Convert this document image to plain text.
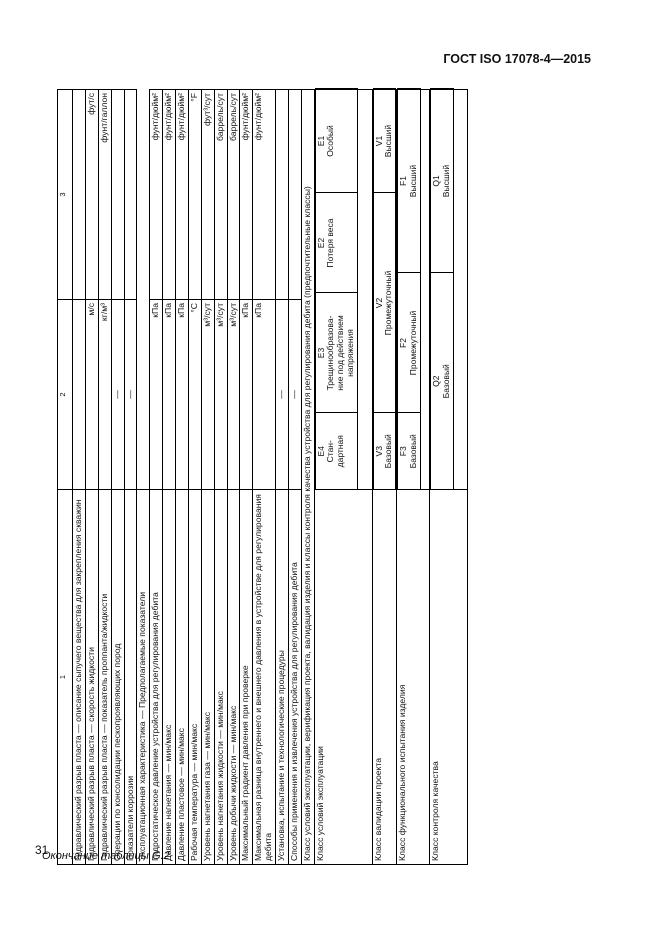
ГОСТ ISO 17078-4—2015
1	2	3
Гидравлический разрыв пласта — описание сыпучего вещества для закрепления скважин		
Гидравлический разрыв пласта — скорость жидкости	м/с	фут/с
Гидравлический разрыв пласта — показатель проппанта/жидкости	кг/м³	фунт/галлон
Операции по консолидации пескопроявляющих пород	—	
Показатели коррозии	—	
Эксплуатационная характеристика — Предполагаемые показатели		
Гидростатическое давление устройства для регулирования дебита	кПа	фунт/дюйм²
Давление нагнетания — мин/макс	кПа	фунт/дюйм²
Давление пластовое — мин/макс	кПа	фунт/дюйм²
Рабочая температура — мин/макс	°C	°F
Уровень нагнетания газа — мин/макс	м³/сут	фут³/сут
Уровень нагнетания жидкости — мин/макс	м³/сут	баррель/сут
Уровень добычи жидкости — мин/макс	м³/сут	баррель/сут
Максимальный градиент давления при проверке	кПа	фунт/дюйм²
Максимальная разница внутреннего и внешнего давления в устройстве для регулирования дебита	кПа	фунт/дюйм²
Установка, испытание и технологические процедуры	—	
Способы применения и извлечения устройства для регулирования дебита	—	
Класс условий эксплуатации, верификация проекта, валидация изделия и классы контроля качества устройства для регулирования дебита (предпочтительные классы)
Класс условий эксплуатации	
E4 Стан-
дартная

E3 Трещинообразова-
ние под действием
напряжения

E2 Потеря веса

E1 Особый

Класс валидации проекта	
V3 Базовый

V2 Промежуточный

V1 Высший

Класс функционального испытания изделия	
F3 Базовый

F2 Промежуточный

F1 Высший

Класс контроля качества	
Q2 Базовый

Q1 Высший
31
Окончание таблицы G.2
